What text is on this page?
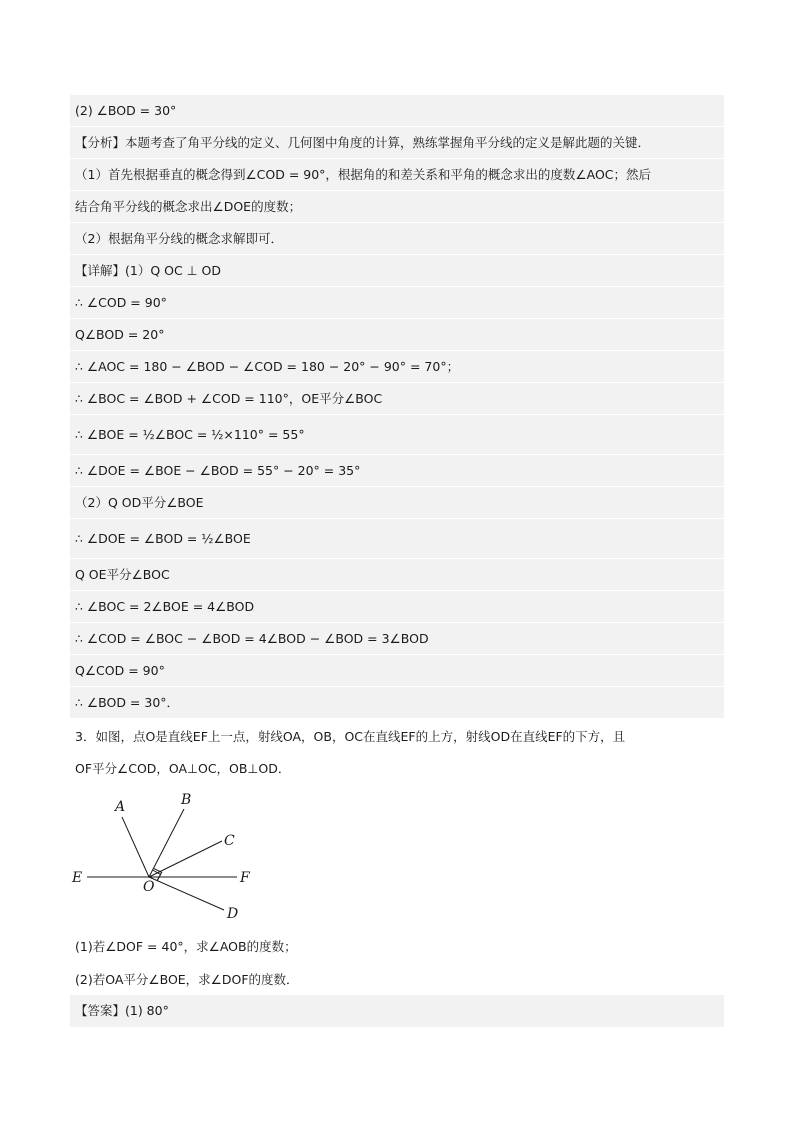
(2) ∠BOD = 30°
【分析】本题考查了角平分线的定义、几何图中角度的计算，熟练掌握角平分线的定义是解此题的关键．
（1）首先根据垂直的概念得到∠COD = 90°，根据角的和差关系和平角的概念求出的度数∠AOC；然后
结合角平分线的概念求出∠DOE的度数；
（2）根据角平分线的概念求解即可．
【详解】(1）Q OC ⊥ OD
∴ ∠COD = 90°
Q∠BOD = 20°
∴ ∠AOC = 180 − ∠BOD − ∠COD = 180 − 20° − 90° = 70°；
∴ ∠BOC = ∠BOD + ∠COD = 110°，OE平分∠BOC
∴ ∠BOE = ½∠BOC = ½×110° = 55°
∴ ∠DOE = ∠BOE − ∠BOD = 55° − 20° = 35°
（2）Q OD平分∠BOE
∴ ∠DOE = ∠BOD = ½∠BOE
Q OE平分∠BOC
∴ ∠BOC = 2∠BOE = 4∠BOD
∴ ∠COD = ∠BOC − ∠BOD = 4∠BOD − ∠BOD = 3∠BOD
Q∠COD = 90°
∴ ∠BOD = 30°．
3．如图，点O是直线EF上一点，射线OA，OB，OC在直线EF的上方，射线OD在直线EF的下方，且
OF平分∠COD，OA⊥OC，OB⊥OD．
A	B
C
D
E	F
O
(1)若∠DOF = 40°，求∠AOB的度数；
(2)若OA平分∠BOE，求∠DOF的度数．
【答案】(1) 80°
